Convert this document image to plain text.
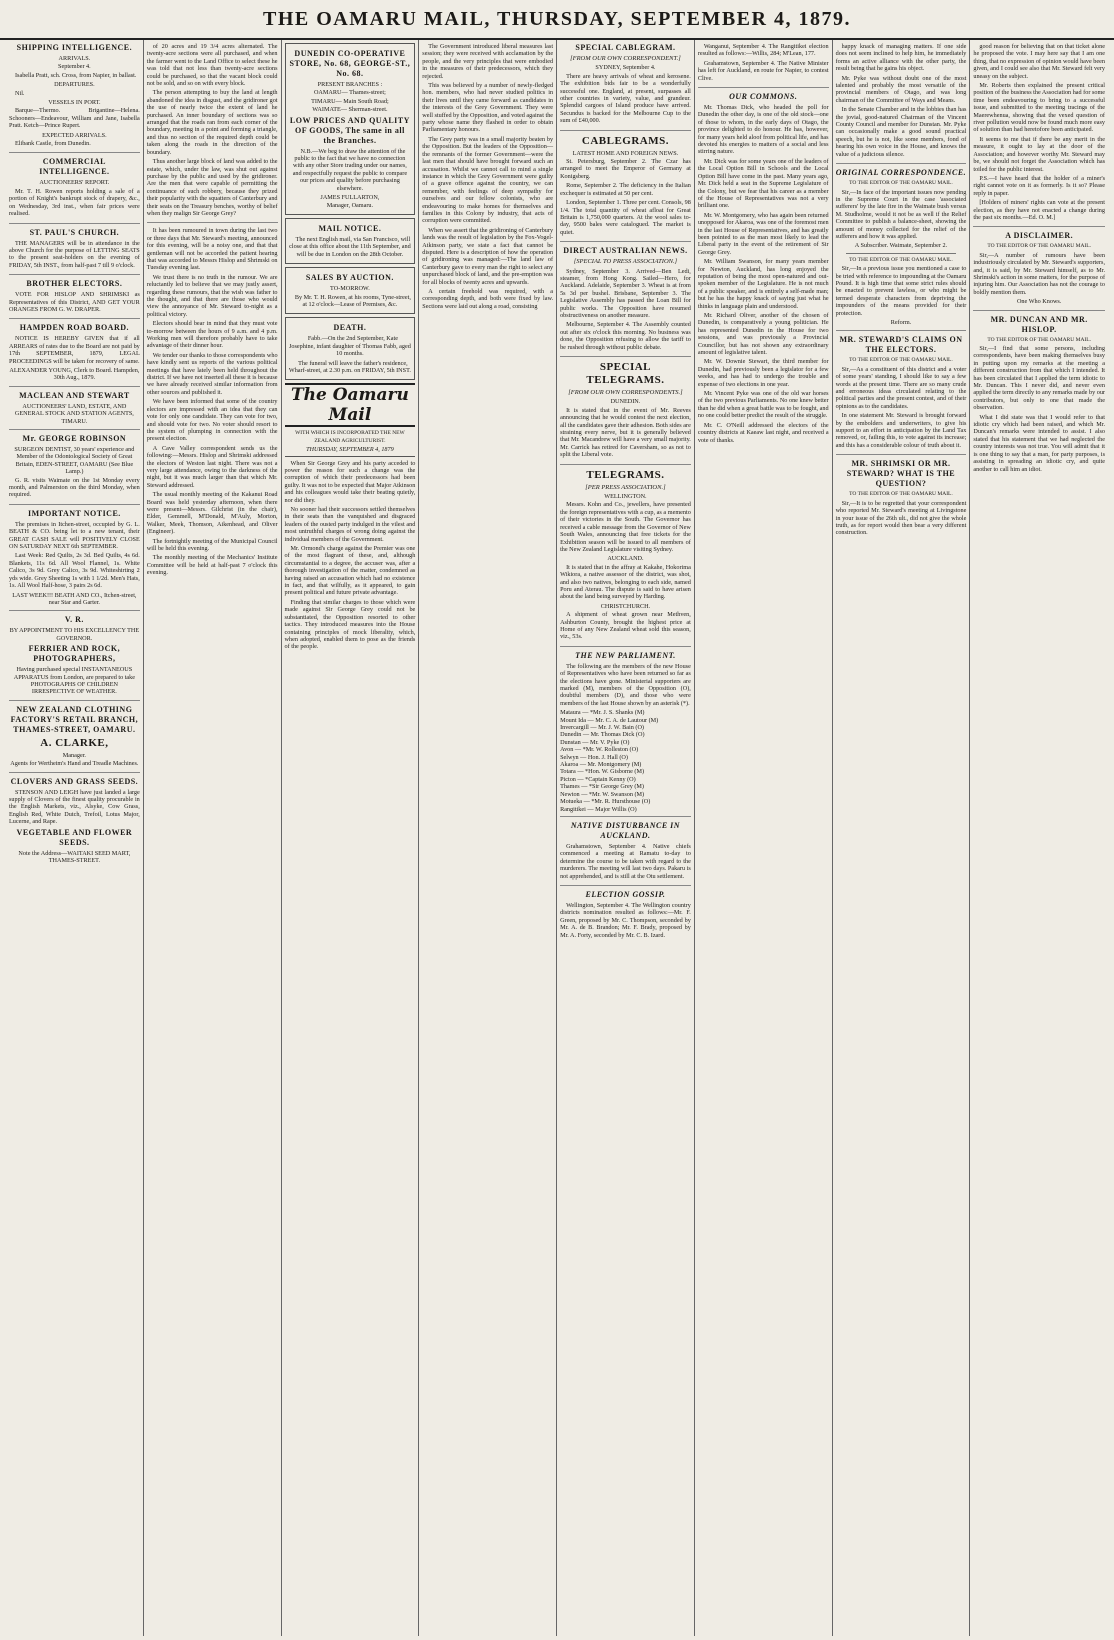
THE OAMARU MAIL, THURSDAY, SEPTEMBER 4, 1879.
SHIPPING INTELLIGENCE.
ARRIVALS.
September 4.
Isabella Pratt, sch. Cross, from Napier, in ballast.
DEPARTURES.
Nil.
VESSELS IN PORT.
Barque—Thermo. Brigantine—Helena. Schooners—Endeavour, William and Jane, Isabella Pratt. Ketch—Prince Rupert.
EXPECTED ARRIVALS.
Elibank Castle, from Dunedin.
COMMERCIAL INTELLIGENCE.
AUCTIONEERS' REPORT.
Mr. T. H. Rowen reports holding a sale of a portion of Knight's bankrupt stock of drapery, &c., on Wednesday, 3rd inst., when fair prices were realised.
ST. PAUL'S CHURCH.
THE MANAGERS will be in attendance in the above Church for the purpose of LETTING SEATS to the present seat-holders on the evening of FRIDAY, 5th INST., from half-past 7 till 9 o'clock.
BROTHER ELECTORS.
VOTE FOR HISLOP AND SHRIMSKI as Representatives of this District, AND GET YOUR ORANGES FROM G. W. DRAPER.
HAMPDEN ROAD BOARD.
NOTICE IS HEREBY GIVEN that if all ARREARS of rates due to the Board are not paid by 17th SEPTEMBER, 1879, LEGAL PROCEEDINGS will be taken for recovery of same.
ALEXANDER YOUNG, Clerk to Board. Hampden, 30th Aug., 1879.
MACLEAN AND STEWART
AUCTIONEERS' LAND, ESTATE, AND GENERAL STOCK AND STATION AGENTS, TIMARU.
Mr. GEORGE ROBINSON
SURGEON DENTIST, 30 years' experience and Member of the Odontological Society of Great Britain, EDEN-STREET, OAMARU (See Blue Lamp.)
G. R. visits Waimate on the 1st Monday every month, and Palmerston on the third Monday, when required.
IMPORTANT NOTICE.
The premises in Itchen-street, occupied by G. L. BEATH & CO. being let to a new tenant, their GREAT CASH SALE will POSITIVELY CLOSE ON SATURDAY NEXT 6th SEPTEMBER.
Last Week: Red Quilts, 2s 3d. Bed Quilts, 4s 6d. Blankets, 11s 6d. All Wool Flannel, 1s. White Calico, 3s 9d. Grey Calico, 3s 9d. Whiteshirting 2 yds wide. Grey Sheeting 1s with 1 1/2d. Men's Hats, 1s. All Wool Half-hose, 3 pairs 2s 6d.
LAST WEEK!!! BEATH AND CO., Itchen-street, near Star and Garter.
V. R.
BY APPOINTMENT TO HIS EXCELLENCY THE GOVERNOR.
FERRIER AND ROCK, PHOTOGRAPHERS,
Having purchased special INSTANTANEOUS APPARATUS from London, are prepared to take PHOTOGRAPHS OF CHILDREN IRRESPECTIVE OF WEATHER.
NEW ZEALAND CLOTHING FACTORY'S RETAIL BRANCH, THAMES-STREET, OAMARU.
A. CLARKE,
Manager.
Agents for Wertheim's Hand and Treadle Machines.
CLOVERS AND GRASS SEEDS.
STENSON AND LEIGH have just landed a large supply of Clovers of the finest quality procurable in the English Markets, viz., Alsyke, Cow Grass, English Red, White Dutch, Trefoil, Lotus Major, Lucerne, and Rape.
VEGETABLE AND FLOWER SEEDS.
Note the Address—WAITAKI SEED MART, THAMES-STREET.
of 20 acres and 19 3/4 acres alternated. The twenty-acre sections were all purchased, and when the farmer went to the Land Office to select these he was told that not less than twenty-acre sections could be purchased, so that the vacant block could not be sold, and so on with every block.
The person attempting to buy the land at length abandoned the idea in disgust, and the gridironer got the use of nearly twice the extent of land he purchased. An inner boundary of sections was so arranged that the roads ran from each corner of the boundary, meeting in a point and forming a triangle, and thus no section of the required depth could be taken along the roads in the direction of the boundary.
Thus another large block of land was added to the estate, which, under the law, was shut out against purchase by the public and used by the gridironer. Are the men that were capable of permitting the continuance of such robbery, because they prized their popularity with the squatters of Canterbury and their seats on the Treasury benches, worthy of belief when they malign Sir George Grey?
It has been rumoured in town during the last two or three days that Mr. Steward's meeting, announced for this evening, will be a noisy one, and that that gentleman will not be accorded the patient hearing that was accorded to Messrs Hislop and Shrimski on Tuesday evening last.
We trust there is no truth in the rumour. We are reluctantly led to believe that we may justly assert, regarding these rumours, that the wish was father to the thought, and that there are those who would view the annoyance of Mr. Steward to-night as a political victory.
Electors should bear in mind that they must vote to-morrow between the hours of 9 a.m. and 4 p.m. Working men will therefore probably have to take advantage of their dinner hour.
We tender our thanks to those correspondents who have kindly sent us reports of the various political meetings that have lately been held throughout the district. If we have not inserted all these it is because we have already received similar information from other sources and published it.
We have been informed that some of the country electors are impressed with an idea that they can vote for only one candidate. They can vote for two, and should vote for two. No voter should resort to the system of plumping in connection with the present election.
A Cave Valley correspondent sends us the following:—Messrs. Hislop and Shrimski addressed the electors of Weston last night. There was not a very large attendance, owing to the darkness of the night, but it was much larger than that which Mr. Steward addressed.
The usual monthly meeting of the Kakanui Road Board was held yesterday afternoon, when there were present—Messrs. Gilchrist (in the chair), Elder, Gemmell, M'Donald, M'Auly, Morton, Walker, Meek, Thomson, Aikenhead, and Oliver (Engineer).
The fortnightly meeting of the Municipal Council will be held this evening.
The monthly meeting of the Mechanics' Institute Committee will be held at half-past 7 o'clock this evening.
DUNEDIN CO-OPERATIVE STORE, No. 68, GEORGE-ST., No. 68.
PRESENT BRANCHES :
OAMARU— Thames-street;
TIMARU— Main South Road;
WAIMATE— Sherman-street.
LOW PRICES AND QUALITY OF GOODS, The same in all the Branches.
N.B.—We beg to draw the attention of the public to the fact that we have no connection with any other Store trading under our names, and respectfully request the public to compare our prices and quality before purchasing elsewhere.
JAMES FULLARTON,
Manager, Oamaru.
MAIL NOTICE.
The next English mail, via San Francisco, will close at this office about the 11th September, and will be due in London on the 28th October.
SALES BY AUCTION.
TO-MORROW.
By Mr. T. H. Rowen, at his rooms, Tyne-street, at 12 o'clock—Lease of Premises, &c.
DEATH.
Fabb.—On the 2nd September, Kate Josephine, infant daughter of Thomas Fabb, aged 10 months.
The funeral will leave the father's residence, Wharf-street, at 2.30 p.m. on FRIDAY, 5th INST.
The Oamaru Mail
WITH WHICH IS INCORPORATED THE NEW ZEALAND AGRICULTURIST.
THURSDAY, SEPTEMBER 4, 1879
When Sir George Grey and his party acceded to power the reason for such a change was the corruption of which their predecessors had been guilty. It was not to be expected that Major Atkinson and his colleagues would take their beating quietly, nor did they.
No sooner had their successors settled themselves in their seats than the vanquished and disgraced leaders of the ousted party indulged in the vilest and most untruthful charges of wrong doing against the individual members of the Government.
Mr. Ormond's charge against the Premier was one of the most flagrant of these, and, although circumstantial to a degree, the accuser was, after a thorough investigation of the matter, condemned as having raised an accusation which had no existence in fact, and that wilfully, as it appeared, to gain present political and future private advantage.
Finding that similar charges to those which were made against Sir George Grey could not be substantiated, the Opposition resorted to other tactics. They introduced measures into the House containing principles of mock liberality, which, when adopted, enabled them to pose as the friends of the people.
The Government introduced liberal measures last session; they were received with acclamation by the people, and the very principles that were embodied in the measures of their predecessors, which they rejected.
This was believed by a number of newly-fledged hon. members, who had never studied politics in their lives until they came forward as candidates in the interests of the Grey Government. They were well stuffed by the Opposition, and voted against the party whose name they flashed in order to obtain Parliamentary honours.
The Grey party was in a small majority beaten by the Opposition. But the leaders of the Opposition—the remnants of the former Government—were the last men that should have brought forward such an accusation. Whilst we cannot call to mind a single instance in which the Grey Government were guilty of a grave offence against the country, we can remember, with feelings of deep sympathy for ourselves and our fellow colonists, who are endeavouring to make homes for themselves and families in this Colony by industry, that acts of corruption were committed.
When we assert that the gridironing of Canterbury lands was the result of legislation by the Fox-Vogel-Atkinson party, we state a fact that cannot be disputed. Here is a description of how the operation of gridironing was managed:—The land law of Canterbury gave to every man the right to select any unpurchased block of land, and the pre-emption was for all blocks of twenty acres and upwards.
A certain freehold was required, with a corresponding depth, and both were fixed by law. Sections were laid out along a road, consisting
SPECIAL CABLEGRAM.
[FROM OUR OWN CORRESPONDENT.]
SYDNEY, September 4.
There are heavy arrivals of wheat and kerosene. The exhibition bids fair to be a wonderfully successful one. England, at present, surpasses all other countries in variety, value, and grandeur. Splendid cargoes of Island produce have arrived. Secundus is backed for the Melbourne Cup to the sum of £40,000.
CABLEGRAMS.
LATEST HOME AND FOREIGN NEWS.
St. Petersburg, September 2. The Czar has arranged to meet the Emperor of Germany at Konigsberg.
Rome, September 2. The deficiency in the Italian exchequer is estimated at 50 per cent.
London, September 1. Three per cent. Consols, 98 1/4. The total quantity of wheat afloat for Great Britain is 1,750,000 quarters. At the wool sales to-day, 9500 bales were catalogued. The market is quiet.
DIRECT AUSTRALIAN NEWS.
[SPECIAL TO PRESS ASSOCIATION.]
Sydney, September 3. Arrived—Ben Ledi, steamer, from Hong Kong. Sailed—Hero, for Auckland. Adelaide, September 3. Wheat is at from 5s 3d per bushel. Brisbane, September 3. The Legislative Assembly has passed the Loan Bill for public works. The Opposition have resumed obstructiveness on another measure.
Melbourne, September 4. The Assembly counted out after six o'clock this morning. No business was done, the Opposition refusing to allow the tariff to be rushed through without public debate.
SPECIAL TELEGRAMS.
[FROM OUR OWN CORRESPONDENTS.]
DUNEDIN.
It is stated that in the event of Mr. Reeves announcing that he would contest the next election, all the candidates gave their adhesion. Both sides are straining every nerve, but it is generally believed that Mr. Macandrew will have a very small majority. Mr. Carrick has retired for Caversham, so as not to split the Liberal vote.
TELEGRAMS.
[PER PRESS ASSOCIATION.]
WELLINGTON.
Messrs. Kohn and Co., jewellers, have presented the foreign representatives with a cup, as a memento of their victories in the South. The Governor has received a cable message from the Governor of New South Wales, announcing that free tickets for the Exhibition season will be issued to all members of the New Zealand Legislature visiting Sydney.
AUCKLAND.
It is stated that in the affray at Kakahe, Hokorima Wikiora, a native assessor of the district, was shot, and also two natives, belonging to each side, named Poru and Aterau. The dispute is said to have arisen about the land being surveyed by Harding.
CHRISTCHURCH.
A shipment of wheat grown near Methven, Ashburton County, brought the highest price at Home of any New Zealand wheat sold this season, viz., 53s.
THE NEW PARLIAMENT.
The following are the members of the new House of Representatives who have been returned so far as the elections have gone. Ministerial supporters are marked (M), members of the Opposition (O), doubtful members (D), and those who were members of the last House shown by an asterisk (*).
Mataura — *Mr. J. S. Shanks (M)
Mount Ida — Mr. C. A. de Lautour (M)
Invercargill — Mr. J. W. Bain (O)
Dunedin — Mr. Thomas Dick (O)
Dunstan — Mr. V. Pyke (O)
Avon — *Mr. W. Rolleston (O)
Selwyn — Hon. J. Hall (O)
Akaroa — Mr. Montgomery (M)
Totara — *Hon. W. Gisborne (M)
Picton — *Captain Kenny (O)
Thames — *Sir George Grey (M)
Newton — *Mr. W. Swanson (M)
Motueka — *Mr. R. Hursthouse (O)
Rangitikei — Major Willis (O)
NATIVE DISTURBANCE IN AUCKLAND.
Grahamstown, September 4. Native chiefs commenced a meeting at Ramatu to-day to determine the course to be taken with regard to the murderers. The meeting will last two days. Pakaru is not apprehended, and is still at the Otu settlement.
ELECTION GOSSIP.
Wellington, September 4. The Wellington country districts nomination resulted as follows:—Mr. F. Green, proposed by Mr. C. Thompson, seconded by Mr. A. de B. Brandon; Mr. F. Brady, proposed by Mr. A. Forty, seconded by Mr. C. B. Izard.
Wanganui, September 4. The Rangitikei election resulted as follows:—Willis, 284; M'Lean, 177.
Grahamstown, September 4. The Native Minister has left for Auckland, en route for Napier, to contest Clive.
OUR COMMONS.
Mr. Thomas Dick, who headed the poll for Dunedin the other day, is one of the old stock—one of those to whom, in the early days of Otago, the province delighted to do honour. He has, however, for many years held aloof from political life, and has devoted his energies to matters of a social and less stirring nature.
Mr. Dick was for some years one of the leaders of the Local Option Bill in Schools and the Local Option Bill have come in the past. Many years ago, Mr. Dick held a seat in the Supreme Legislature of the Colony, but we fear that his career as a member of the House of Representatives was not a very brilliant one.
Mr. W. Montgomery, who has again been returned unopposed for Akaroa, was one of the foremost men in the last House of Representatives, and has greatly been pointed to as the man most likely to lead the Liberal party in the event of the retirement of Sir George Grey.
Mr. William Swanson, for many years member for Newton, Auckland, has long enjoyed the reputation of being the most open-natured and out-spoken member of the Legislature. He is not much of a public speaker, and is entirely a self-made man; but he has the happy knack of saying just what he thinks in language plain and understood.
Mr. Richard Oliver, another of the chosen of Dunedin, is comparatively a young politician. He has represented Dunedin in the House for two sessions, and was previously a Provincial Councillor, but has not shown any extraordinary amount of legislative talent.
Mr. W. Downie Stewart, the third member for Dunedin, had previously been a legislator for a few weeks, and has had to undergo the trouble and expense of two elections in one year.
Mr. Vincent Pyke was one of the old war horses of the two previous Parliaments. No one knew better than he did when a great battle was to be fought, and no one could better predict the result of the struggle.
Mr. C. O'Neill addressed the electors of the country districts at Kaeaw last night, and received a vote of thanks.
happy knack of managing matters. If one side does not seem inclined to help him, he immediately forms an active alliance with the other party, the result being that he gains his object.
Mr. Pyke was without doubt one of the most talented and probably the most versatile of the provincial members of Otago, and was long chairman of the Committee of Ways and Means.
In the Senate Chamber and in the lobbies than has the jovial, good-natured Chairman of the Vincent County Council and member for Dunstan. Mr. Pyke can occasionally make a good sound practical speech, but he is not, like some members, fond of hearing his own voice in the House, and knows the value of a judicious silence.
ORIGINAL CORRESPONDENCE.
TO THE EDITOR OF THE OAMARU MAIL.
Sir,—In face of the important issues now pending in the Supreme Court in the case 'associated sufferers' by the late fire in the Waimate bush versus M. Studholme, would it not be as well if the Relief Committee to publish a balance-sheet, showing the amount of money collected for the relief of the sufferers and how it was applied.
A Subscriber. Waimate, September 2.
TO THE EDITOR OF THE OAMARU MAIL.
Sir,—In a previous issue you mentioned a case to be tried with reference to impounding at the Oamaru Pound. It is high time that some strict rules should be enacted to prevent lawless, or who might be termed desperate characters from depriving the impounders of the means provided for their protection.
Reform.
MR. STEWARD'S CLAIMS ON THE ELECTORS.
TO THE EDITOR OF THE OAMARU MAIL.
Sir,—As a constituent of this district and a voter of some years' standing, I should like to say a few words at the present time. There are so many crude and erroneous ideas circulated relating to the political parties and the present contest, and of their opinions as to the candidates.
In one statement Mr. Steward is brought forward by the embolders and underwriters, to give his support to an effort in anticipation by the Land Tax removed, or, failing this, to vote against its increase; and this has a considerable colour of truth about it.
MR. SHRIMSKI OR MR. STEWARD? WHAT IS THE QUESTION?
TO THE EDITOR OF THE OAMARU MAIL.
Sir,—It is to be regretted that your correspondent who reported Mr. Steward's meeting at Livingstone in your issue of the 26th ult., did not give the whole truth, as for report would then bear a very different construction.
good reason for believing that on that ticket alone he proposed the vote. I may here say that I am one thing, that no expression of opinion would have been given, and I could see also that Mr. Steward felt very uneasy on the subject.
Mr. Roberts then explained the present critical position of the business the Association had for some time been endeavouring to bring to a successful issue, and submitted to the meeting tracings of the Maerewhenua, showing that the vexed question of river pollution would now be found much more easy of solution than had heretofore been anticipated.
It seems to me that if there be any merit in the measure, it ought to lay at the door of the Association; and however worthy Mr. Steward may be, we should not forget the Association which has toiled for the public interest.
P.S.—I have heard that the holder of a miner's right cannot vote on it as formerly. Is it so? Please reply in paper.
[Holders of miners' rights can vote at the present election, as they have not enacted a change during the past six months.—Ed. O. M.]
A DISCLAIMER.
TO THE EDITOR OF THE OAMARU MAIL.
Sir,—A number of rumours have been industriously circulated by Mr. Steward's supporters, and, it is said, by Mr. Steward himself, as to Mr. Shrimski's action in some matters, for the purpose of injuring him. Our Association has not the courage to boldly mention them.
One Who Knows.
MR. DUNCAN AND MR. HISLOP.
TO THE EDITOR OF THE OAMARU MAIL.
Sir,—I find that some persons, including correspondents, have been making themselves busy in putting upon my remarks at the meeting a different construction from that which I intended. It has been circulated that I applied the term idiotic to Mr. Duncan. This I never did, and never even applied the term directly to any remarks made by our contributors, but only to one that made the observation.
What I did state was that I would refer to that idiotic cry which had been raised, and which Mr. Duncan's remarks were intended to assist. I also stated that his statement that we had neglected the country interests was not true. You will admit that it is one thing to say that a man, for party purposes, is assisting in spreading an idiotic cry, and quite another to call him an idiot.
